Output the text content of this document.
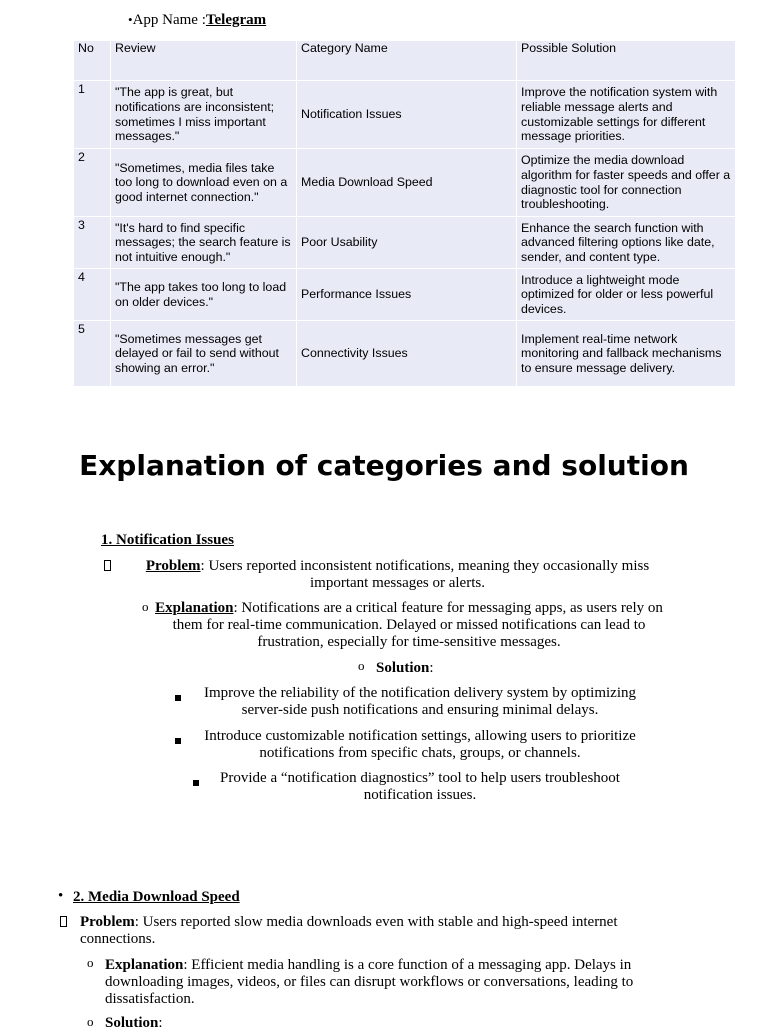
•App Name :Telegram
No	Review	Category Name	Possible Solution
1	"The app is great, but notifications are inconsistent; sometimes I miss important messages."	Notification Issues	Improve the notification system with reliable message alerts and customizable settings for different message priorities.
2	"Sometimes, media files take too long to download even on a good internet connection."	Media Download Speed	Optimize the media download algorithm for faster speeds and offer a diagnostic tool for connection troubleshooting.
3	"It's hard to find specific messages; the search feature is not intuitive enough."	Poor Usability	Enhance the search function with advanced filtering options like date, sender, and content type.
4	"The app takes too long to load on older devices."	Performance Issues	Introduce a lightweight mode optimized for older or less powerful devices.
5	"Sometimes messages get delayed or fail to send without showing an error."	Connectivity Issues	Implement real-time network monitoring and fallback mechanisms to ensure message delivery.
Explanation of categories and solution
1. Notification Issues
Problem: Users reported inconsistent notifications, meaning they occasionally miss important messages or alerts.
o Explanation: Notifications are a critical feature for messaging apps, as users rely on them for real-time communication. Delayed or missed notifications can lead to frustration, especially for time-sensitive messages.
o Solution:
Improve the reliability of the notification delivery system by optimizing server-side push notifications and ensuring minimal delays.
Introduce customizable notification settings, allowing users to prioritize notifications from specific chats, groups, or channels.
Provide a “notification diagnostics” tool to help users troubleshoot notification issues.
• 2. Media Download Speed
Problem: Users reported slow media downloads even with stable and high-speed internet connections.
o Explanation: Efficient media handling is a core function of a messaging app. Delays in downloading images, videos, or files can disrupt workflows or conversations, leading to dissatisfaction.
o Solution:
